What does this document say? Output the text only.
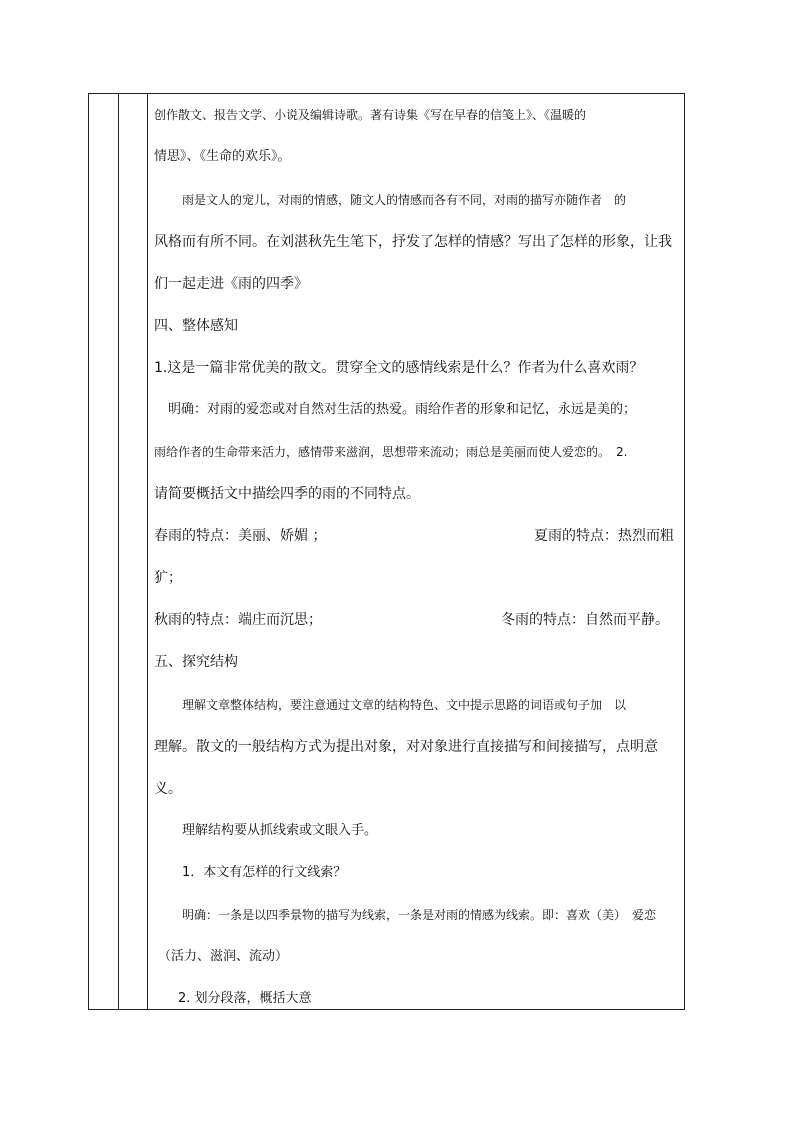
创作散文、报告文学、小说及编辑诗歌。著有诗集《写在早春的信笺上》、《温暖的
情思》、《生命的欢乐》。
雨是文人的宠儿，对雨的情感，随文人的情感而各有不同，对雨的描写亦随作者　的
风格而有所不同。在刘湛秋先生笔下，抒发了怎样的情感？写出了怎样的形象，让我
们一起走进《雨的四季》
四、整体感知
1.这是一篇非常优美的散文。贯穿全文的感情线索是什么？作者为什么喜欢雨？
明确：对雨的爱恋或对自然对生活的热爱。雨给作者的形象和记忆，永远是美的；
雨给作者的生命带来活力，感情带来滋润，思想带来流动；雨总是美丽而使人爱恋的。　2.
请简要概括文中描绘四季的雨的不同特点。
春雨的特点：美丽、娇媚 ；	夏雨的特点：热烈而粗
犷；
秋雨的特点：端庄而沉思；	冬雨的特点：自然而平静。
五、探究结构
理解文章整体结构，要注意通过文章的结构特色、文中提示思路的词语或句子加　以
理解。散文的一般结构方式为提出对象，对对象进行直接描写和间接描写，点明意
义。
理解结构要从抓线索或文眼入手。
1．本文有怎样的行文线索？
明确：一条是以四季景物的描写为线索，一条是对雨的情感为线索。即：喜欢（美）　爱恋
（活力、滋润、流动）
2. 划分段落，概括大意
